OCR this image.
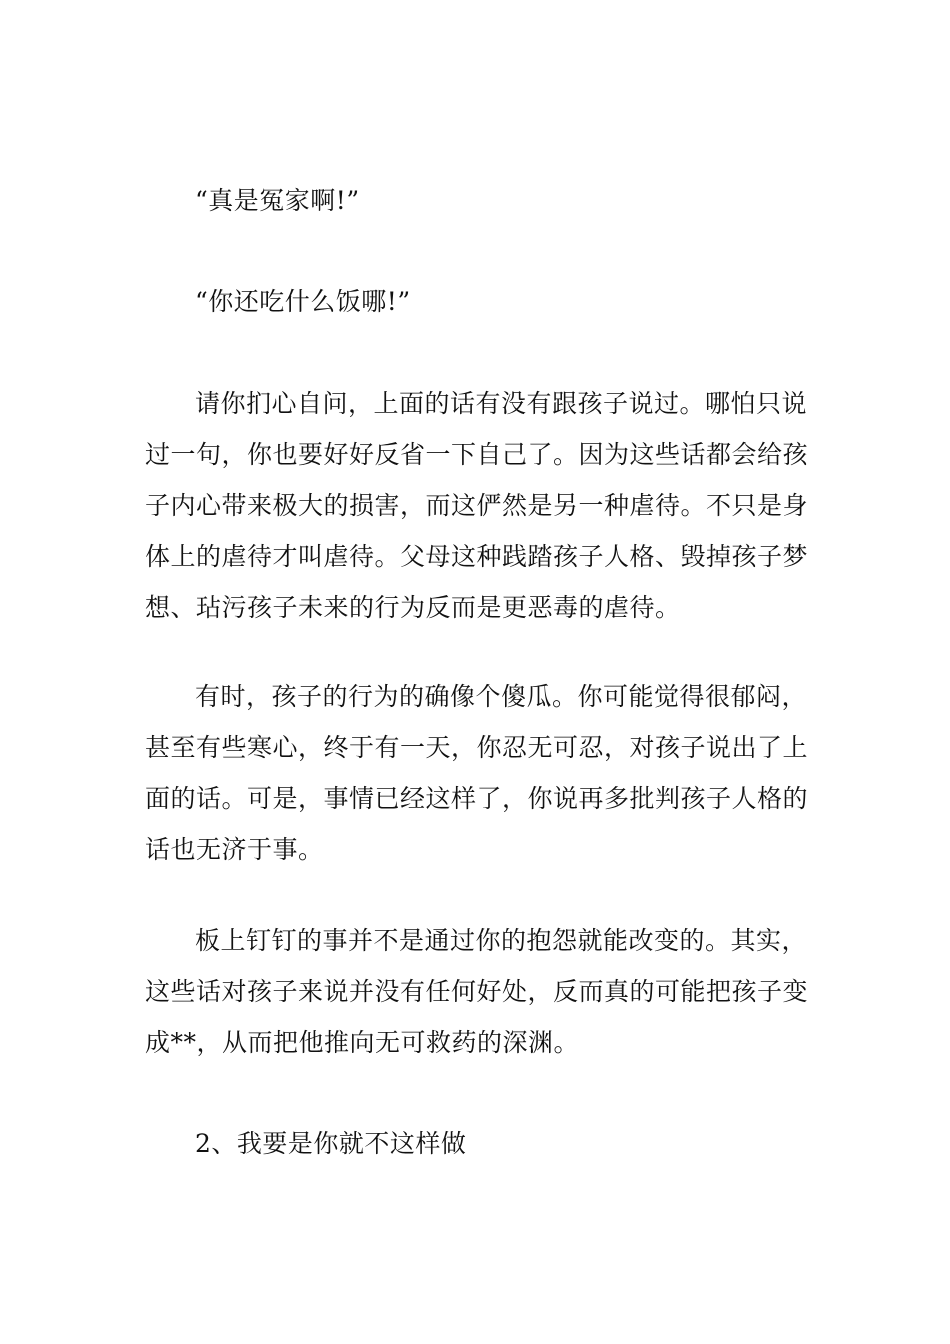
“真是冤家啊!”

“你还吃什么饭哪!”

请你扪心自问，上面的话有没有跟孩子说过。哪怕只说过一句，你也要好好反省一下自己了。因为这些话都会给孩子内心带来极大的损害，而这俨然是另一种虐待。不只是身体上的虐待才叫虐待。父母这种践踏孩子人格、毁掉孩子梦想、玷污孩子未来的行为反而是更恶毒的虐待。

有时，孩子的行为的确像个傻瓜。你可能觉得很郁闷，甚至有些寒心，终于有一天，你忍无可忍，对孩子说出了上面的话。可是，事情已经这样了，你说再多批判孩子人格的话也无济于事。

板上钉钉的事并不是通过你的抱怨就能改变的。其实，这些话对孩子来说并没有任何好处，反而真的可能把孩子变成**，从而把他推向无可救药的深渊。

2、我要是你就不这样做
